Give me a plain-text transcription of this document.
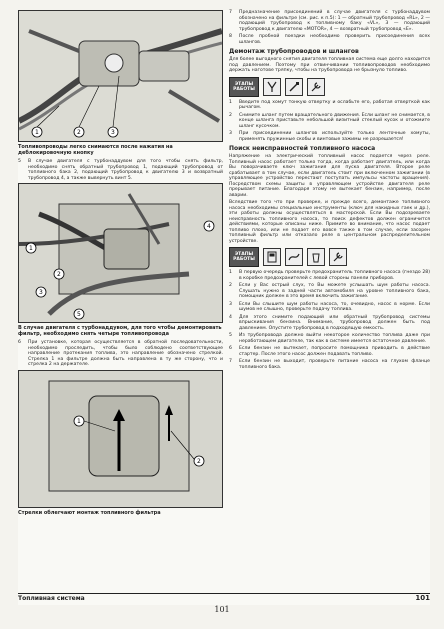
1	2	3
Топливопроводы легко снимаются после нажатия на деблокировочную кнопку
5	В случае двигателя с турбонаддувом для того чтобы снять фильтр, необходимо снять обратный трубопровод 1, подающий трубопровод от топливного бака 2, подающий трубопровод к двигателю 3 и возвратный трубопровод 4, а также вывернуть винт 5.
1
2
3
4
5
В случае двигателя с турбонаддувом, для того чтобы демонтировать фильтр, необходимо снять четыре топливопровода
6	При установке, которая осуществляется в обратной последовательности, необходимо проследить, чтобы было соблюдено соответствующее направление протекания топлива, это направление обозначено стрелкой. Стрелка 1 на фильтре должна быть направлена в ту же сторону, что и стрелка 2 на держателе.
1
2
Стрелки облегчают монтаж топливного фильтра
7	Предназначение присоединений в случае двигателя с турбонаддувом обозначено на фильтре (см. рис. к п.5): 1 — обратный трубопровод «RL», 2 — подающий трубопровод к топливному баку «VL», 3 — подающий трубопровод к двигателю «MOTOR», 4 — возвратный трубопровод «E».
8	После пробной поездки необходимо проверить присоединения всех шлангов.
Демонтаж трубопроводов и шлангов
Для более выгодного снятия двигателя топливная система еще долго находится под давлением. Поэтому при отвинчивании топливопроводов необходимо держать наготове тряпку, чтобы на трубопровода не брызнуло топливо.
ЭТАПЫ РАБОТЫ
1	Введите под хомут тонкую отвертку и ослабьте его, работая отверткой как рычагом.
2	Снимите шланг путем вращательного движения. Если шланг не снимается, в конце шланга приставьте небольшой визитный стеклый кусок и отожмите шланг кусочком.
3	При присоединении шлангов используйте только ленточные хомуты, применять пружинные скобы и винтовые зажимы не разрешается!
Поиск неисправностей топливного насоса
Напряжение на электрический топливный насос подается через реле. Топливный насос работает только тогда, когда работает двигатель, или когда Вы поворачиваете ключ зажигания для пуска двигателя. Второе реле срабатывает в том случае, если двигатель стоит при включенном зажигании (в управляющее устройство перестают поступать импульсы частоты вращения). Посредством схемы защиты в управляющем устройстве двигателя реле прерывает питание. Благодаря этому не вытекает бензин, например, после аварии.
Вследствие того что при проверке, и прежде всего, демонтаже топливного насоса необходимы специальные инструменты (ключ для накидных гаек и др.), эти работы должны осуществляться в мастерской. Если Вы подозреваете неисправность топливного насоса, то поиск дефектов должен ограничится действиями, которые описаны ниже. Примите во внимание, что насос подает топливо плохо, или не подает его вовсе также в том случае, если засорен топливный фильтр или отказало реле в центральном распределительном устройстве.
ЭТАПЫ РАБОТЫ
1	В первую очередь проверьте предохранитель топливного насоса (гнездо 28) в коробке предохранителей с левой стороны панели приборов.
2	Если у Вас острый слух, то Вы можете услышать шум работы насоса. Слушать нужно в задней части автомобиля на уровне топливного бака, помощник должен в это время включить зажигание.
3	Если Вы слышите шум работы насоса, то, очевидно, насос в норме. Если шумов не слышно, проверьте подачу топлива.
4	Для этого снимите подающий или обратный трубопровод системы впрыскивания бензина. Внимание, трубопровод должен быть под давлением. Опустите трубопровод в подходящую емкость.
5	Из трубопровода должно выйти некоторое количество топлива даже при неработающем двигателе, так как в системе имеется остаточное давление.
6	Если бензин не вытекает, попросите помощника приводить в действие стартер. После этого насос должен подавать топливо.
7	Если бензин не выходит, проверьте питание насоса на глухом фланце топливного бака.
Топливная система	101
101
